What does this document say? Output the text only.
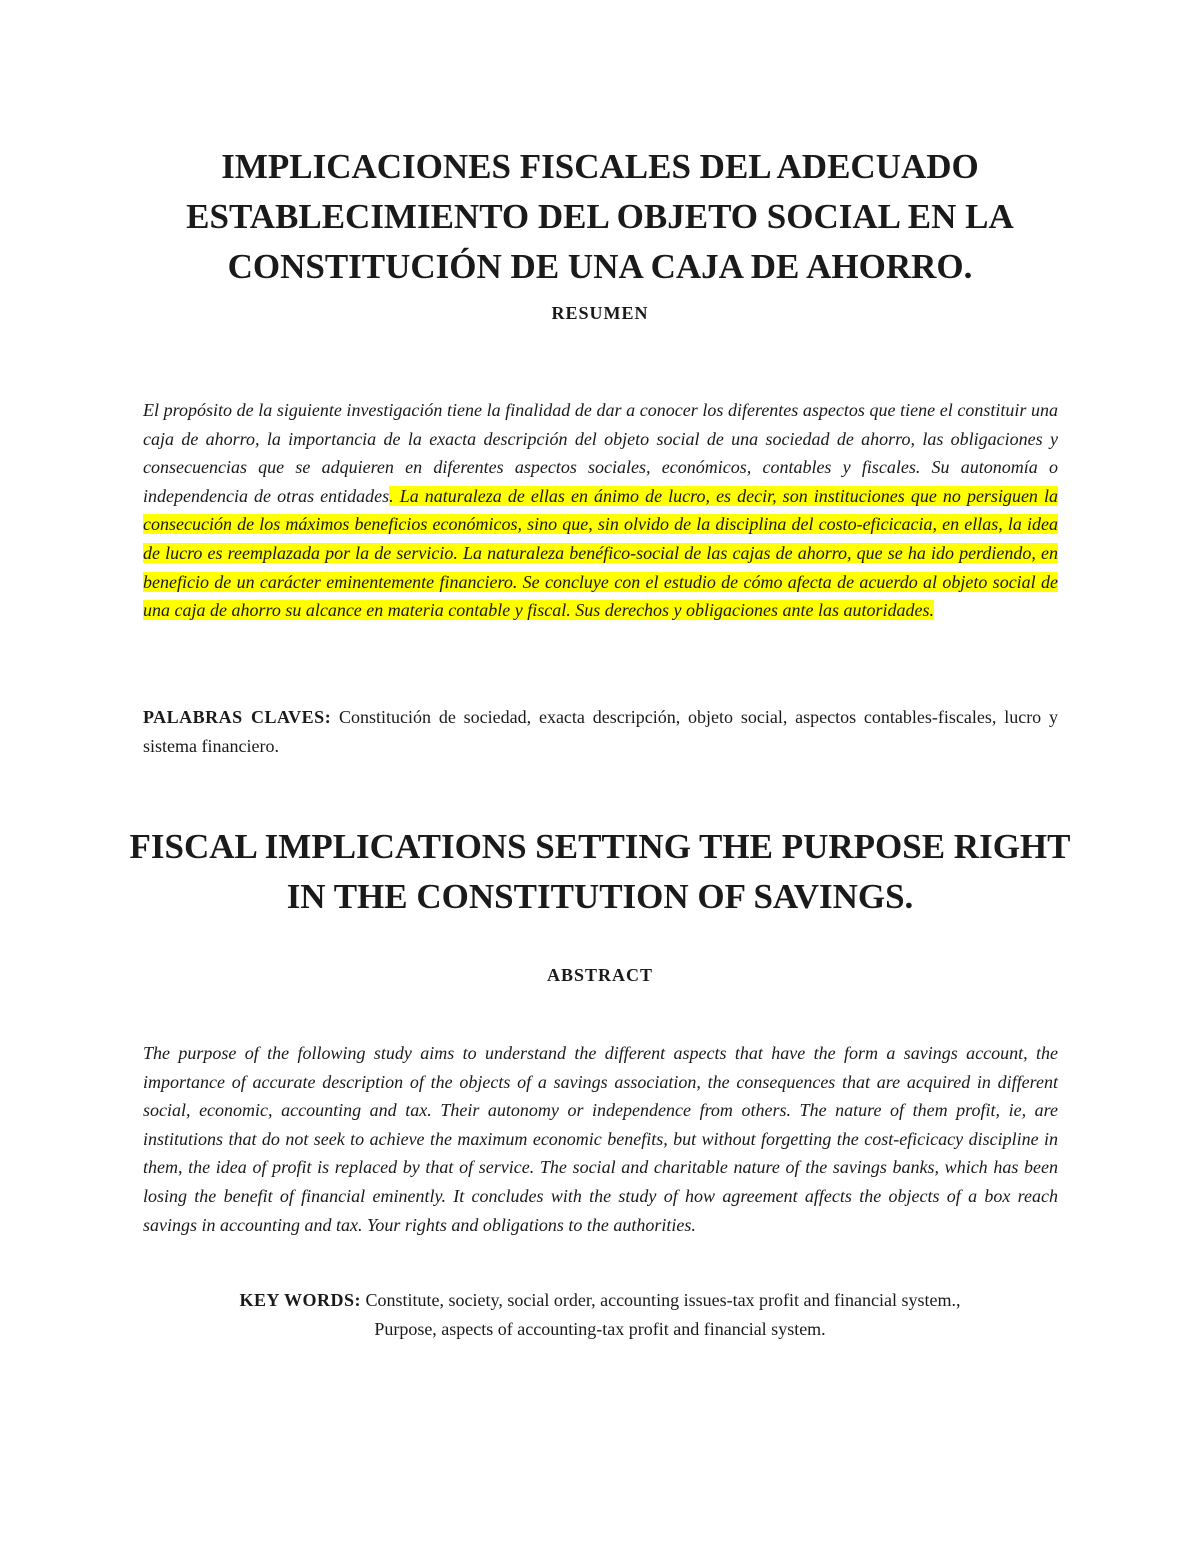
IMPLICACIONES FISCALES DEL ADECUADO ESTABLECIMIENTO DEL OBJETO SOCIAL EN LA CONSTITUCIÓN DE UNA CAJA DE AHORRO.
RESUMEN

El propósito de la siguiente investigación tiene la finalidad de dar a conocer los diferentes aspectos que tiene el constituir una caja de ahorro, la importancia de la exacta descripción del objeto social de una sociedad de ahorro, las obligaciones y consecuencias que se adquieren en diferentes aspectos sociales, económicos, contables y fiscales. Su autonomía o independencia de otras entidades. La naturaleza de ellas en ánimo de lucro, es decir, son instituciones que no persiguen la consecución de los máximos beneficios económicos, sino que, sin olvido de la disciplina del costo-eficicacia, en ellas, la idea de lucro es reemplazada por la de servicio. La naturaleza benéfico-social de las cajas de ahorro, que se ha ido perdiendo, en beneficio de un carácter eminentemente financiero. Se concluye con el estudio de cómo afecta de acuerdo al objeto social de una caja de ahorro su alcance en materia contable y fiscal. Sus derechos y obligaciones ante las autoridades.

PALABRAS CLAVES: Constitución de sociedad, exacta descripción, objeto social, aspectos contables-fiscales, lucro y sistema financiero.

FISCAL IMPLICATIONS SETTING THE PURPOSE RIGHT IN THE CONSTITUTION OF SAVINGS.
ABSTRACT

The purpose of the following study aims to understand the different aspects that have the form a savings account, the importance of accurate description of the objects of a savings association, the consequences that are acquired in different social, economic, accounting and tax. Their autonomy or independence from others. The nature of them profit, ie, are institutions that do not seek to achieve the maximum economic benefits, but without forgetting the cost-eficicacy discipline in them, the idea of profit is replaced by that of service. The social and charitable nature of the savings banks, which has been losing the benefit of financial eminently. It concludes with the study of how agreement affects the objects of a box reach savings in accounting and tax. Your rights and obligations to the authorities.

KEY WORDS: Constitute, society, social order, accounting issues-tax profit and financial system.,
Purpose, aspects of accounting-tax profit and financial system.
